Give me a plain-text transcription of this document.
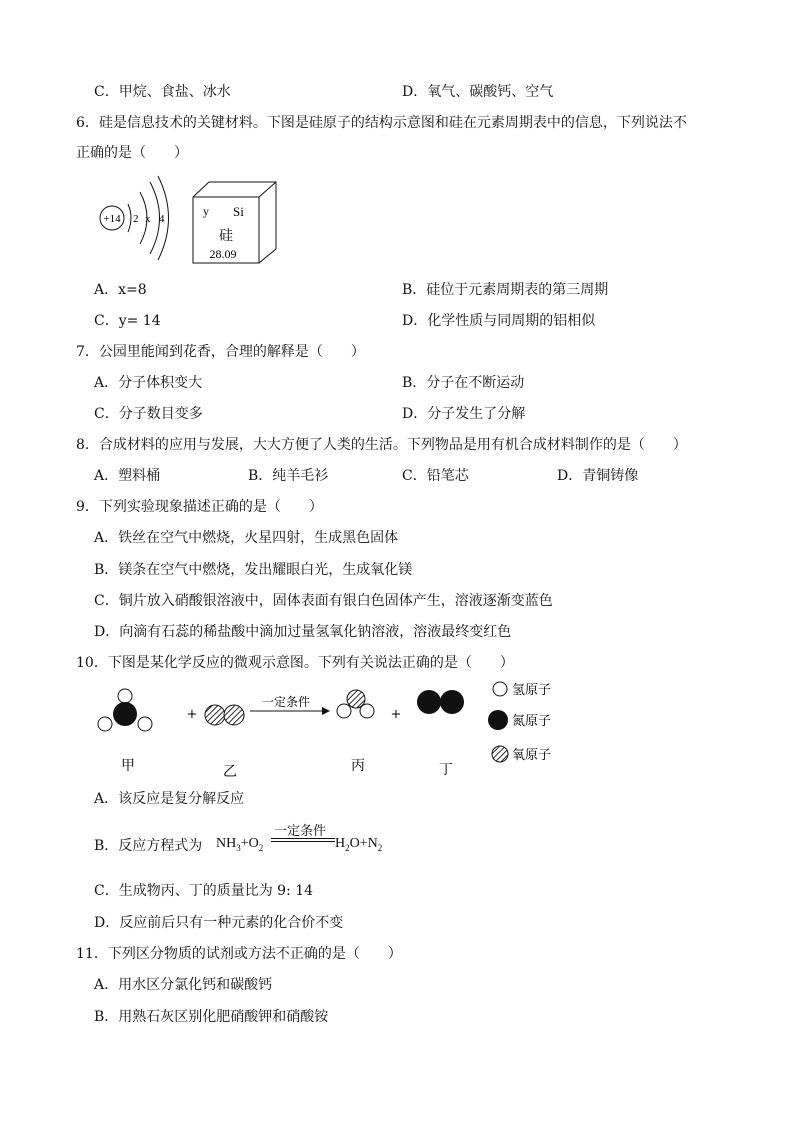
C．甲烷、食盐、冰水	D．氧气、碳酸钙、空气
6．硅是信息技术的关键材料。下图是硅原子的结构示意图和硅在元素周期表中的信息，下列说法不
正确的是（　　）
+14 2 x 4
y Si
硅
28.09
A．x=8	B．硅位于元素周期表的第三周期
C．y= 14	D．化学性质与同周期的铝相似
7．公园里能闻到花香，合理的解释是（　　）
A．分子体积变大	B．分子在不断运动
C．分子数目变多	D．分子发生了分解
8．合成材料的应用与发展，大大方便了人类的生活。下列物品是用有机合成材料制作的是（　　）
A．塑料桶	B．纯羊毛衫	C．铅笔芯	D．青铜铸像
9．下列实验现象描述正确的是（　　）
A．铁丝在空气中燃烧，火星四射，生成黑色固体
B．镁条在空气中燃烧，发出耀眼白光，生成氧化镁
C．铜片放入硝酸银溶液中，固体表面有银白色固体产生，溶液逐渐变蓝色
D．向滴有石蕊的稀盐酸中滴加过量氢氧化钠溶液，溶液最终变红色
10．下图是某化学反应的微观示意图。下列有关说法正确的是（　　）
+
一定条件
+
甲	乙	丙	丁
氢原子
氮原子
氧原子
A．该反应是复分解反应
B．反应方程式为 $NH_3+O_2$
一定条件
$H_2O+N_2$
C．生成物丙、丁的质量比为 9: 14
D．反应前后只有一种元素的化合价不变
11．下列区分物质的试剂或方法不正确的是（　　）
A．用水区分氯化钙和碳酸钙
B．用熟石灰区别化肥硝酸钾和硝酸铵
